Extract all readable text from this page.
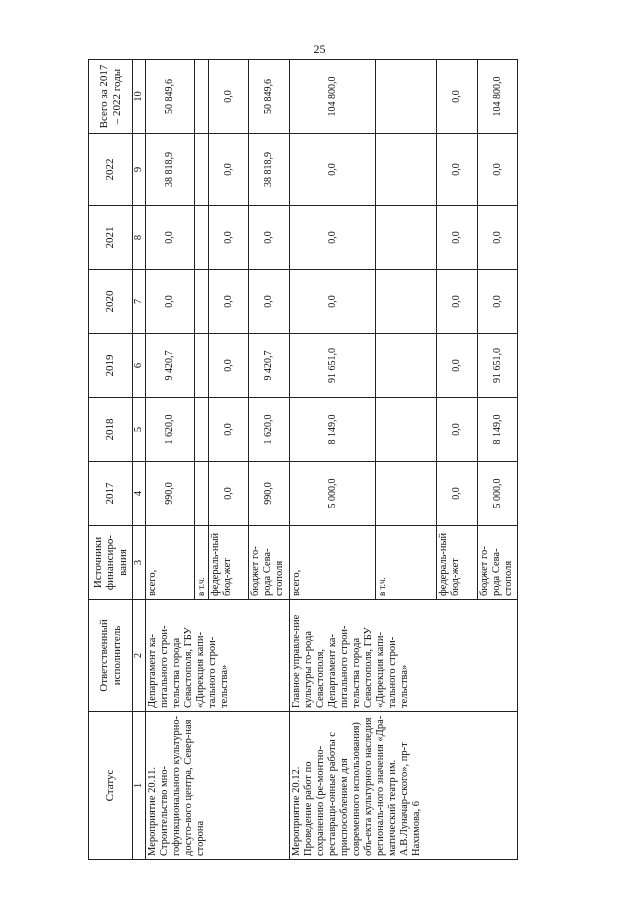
25
Статус	Ответственный исполнитель	Источники финансиро-вания	2017	2018	2019	2020	2021	2022	Всего за 2017 – 2022 годы
1	2	3	4	5	6	7	8	9	10
Мероприятие 20.11. Строительство мно-гофункционального культурно-досуго-вого центра, Север-ная сторона	Департамент ка-питального строи-тельства города Севастополя, ГБУ «Дирекция капи-тального строи-тельства»	всего,	990,0	1 620,0	9 420,7	0,0	0,0	38 818,9	50 849,6
		в т.ч.							
		федераль-ный бюд-жет	0,0	0,0	0,0	0,0	0,0	0,0	0,0
		бюджет го-рода Сева-стополя	990,0	1 620,0	9 420,7	0,0	0,0	38 818,9	50 849,6
Мероприятие 20.12. Проведение работ по сохранению (ре-монтно-реставраци-онные работы с приспособлением для современного использования) объ-екта культурного наследия региональ-ного значения «Дра-матический театр им. А.В.Луначар-ского», пр-т Нахимова, 6	Главное управле-ние культуры го-рода Севастополя, Департамент ка-питального строи-тельства города Севастополя, ГБУ «Дирекция капи-тального строи-тельства»	всего,	5 000,0	8 149,0	91 651,0	0,0	0,0	0,0	104 800,0
		в т.ч.							
		федераль-ный бюд-жет	0,0	0,0	0,0	0,0	0,0	0,0	0,0
		бюджет го-рода Сева-стополя	5 000,0	8 149,0	91 651,0	0,0	0,0	0,0	104 800,0
